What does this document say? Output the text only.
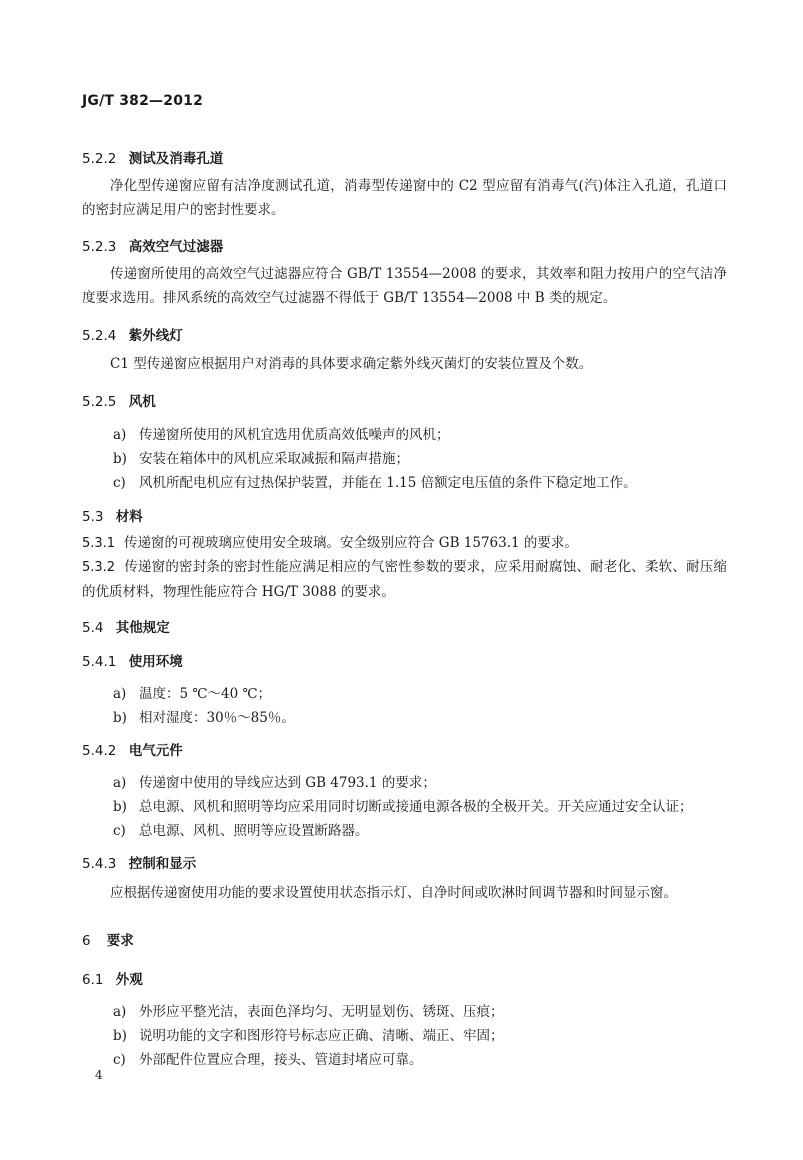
JG/T 382—2012
5.2.2 测试及消毒孔道
净化型传递窗应留有洁净度测试孔道，消毒型传递窗中的 C2 型应留有消毒气(汽)体注入孔道，孔道口的密封应满足用户的密封性要求。
5.2.3 高效空气过滤器
传递窗所使用的高效空气过滤器应符合 GB/T 13554—2008 的要求，其效率和阻力按用户的空气洁净度要求选用。排风系统的高效空气过滤器不得低于 GB/T 13554—2008 中 B 类的规定。
5.2.4 紫外线灯
C1 型传递窗应根据用户对消毒的具体要求确定紫外线灭菌灯的安装位置及个数。
5.2.5 风机
a) 传递窗所使用的风机宜选用优质高效低噪声的风机；
b) 安装在箱体中的风机应采取减振和隔声措施；
c) 风机所配电机应有过热保护装置，并能在 1.15 倍额定电压值的条件下稳定地工作。
5.3 材料
5.3.1 传递窗的可视玻璃应使用安全玻璃。安全级别应符合 GB 15763.1 的要求。
5.3.2 传递窗的密封条的密封性能应满足相应的气密性参数的要求，应采用耐腐蚀、耐老化、柔软、耐压缩的优质材料，物理性能应符合 HG/T 3088 的要求。
5.4 其他规定
5.4.1 使用环境
a) 温度：5 ℃～40 ℃；
b) 相对湿度：30％～85％。
5.4.2 电气元件
a) 传递窗中使用的导线应达到 GB 4793.1 的要求；
b) 总电源、风机和照明等均应采用同时切断或接通电源各极的全极开关。开关应通过安全认证；
c) 总电源、风机、照明等应设置断路器。
5.4.3 控制和显示
应根据传递窗使用功能的要求设置使用状态指示灯、自净时间或吹淋时间调节器和时间显示窗。
6 要求
6.1 外观
a) 外形应平整光洁，表面色泽均匀、无明显划伤、锈斑、压痕；
b) 说明功能的文字和图形符号标志应正确、清晰、端正、牢固；
c) 外部配件位置应合理，接头、管道封堵应可靠。
4
